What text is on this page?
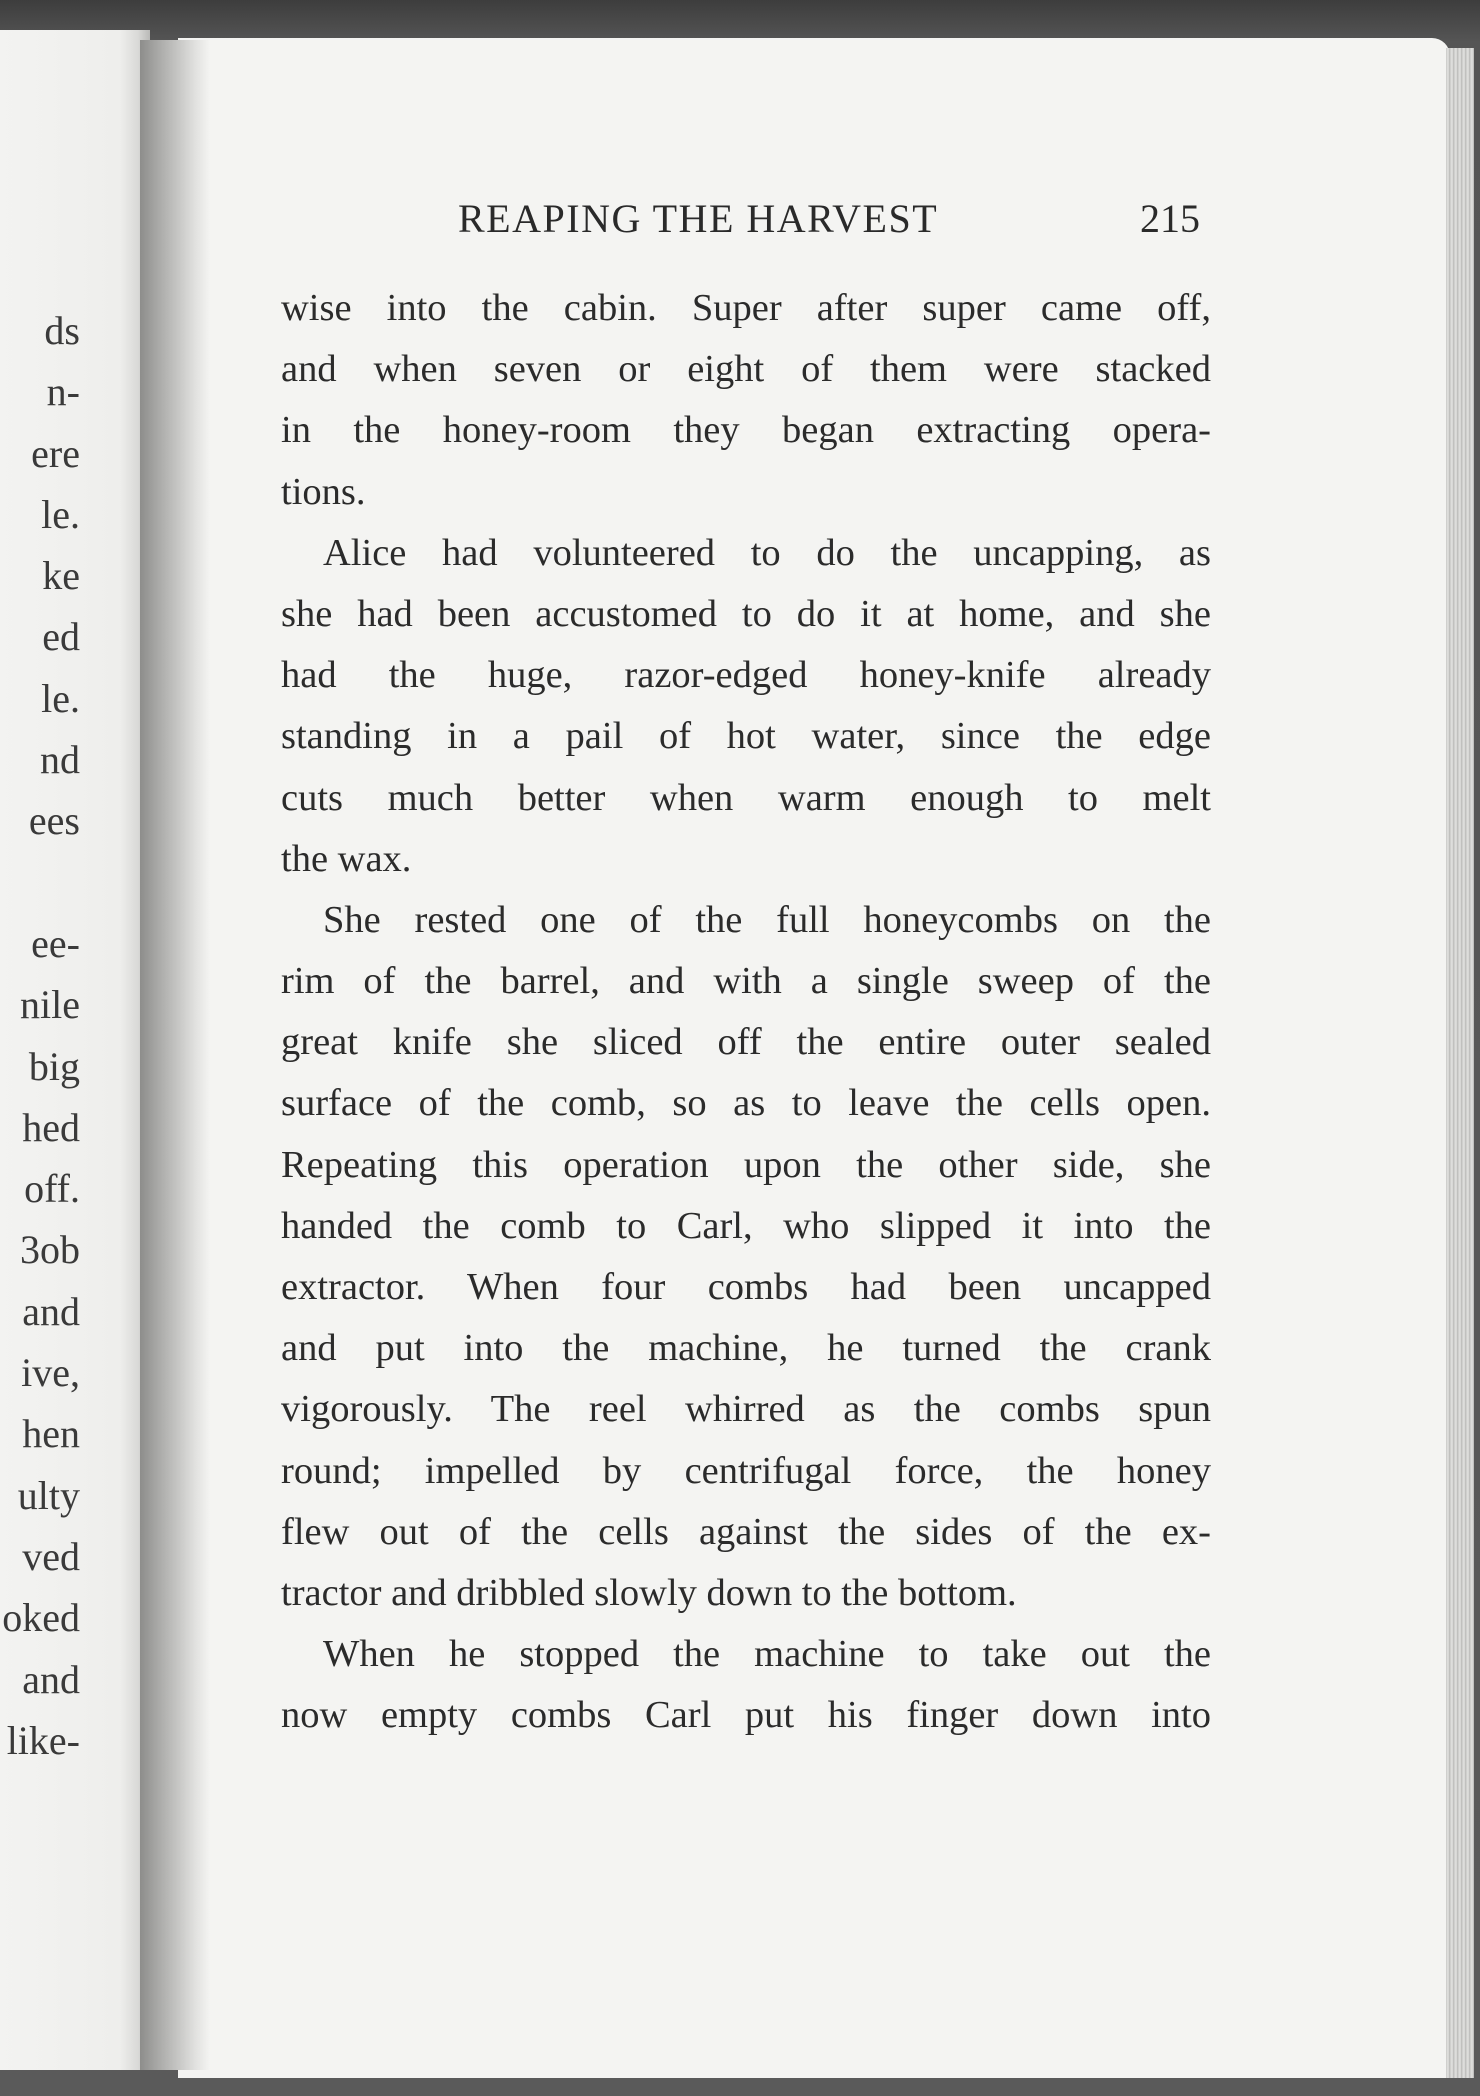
ds
n-
ere
le.
ke
ed
le.
nd
ees
ee-
nile
big
hed
off.
3ob
and
ive,
hen
ulty
ved
oked
and
like-
REAPING THE HARVEST	215
wise into the cabin. Super after super came off,
and when seven or eight of them were stacked
in the honey-room they began extracting opera-
tions.
Alice had volunteered to do the uncapping, as
she had been accustomed to do it at home, and she
had the huge, razor-edged honey-knife already
standing in a pail of hot water, since the edge
cuts much better when warm enough to melt
the wax.
She rested one of the full honeycombs on the
rim of the barrel, and with a single sweep of the
great knife she sliced off the entire outer sealed
surface of the comb, so as to leave the cells open.
Repeating this operation upon the other side, she
handed the comb to Carl, who slipped it into the
extractor. When four combs had been uncapped
and put into the machine, he turned the crank
vigorously. The reel whirred as the combs spun
round; impelled by centrifugal force, the honey
flew out of the cells against the sides of the ex-
tractor and dribbled slowly down to the bottom.
When he stopped the machine to take out the
now empty combs Carl put his finger down into
